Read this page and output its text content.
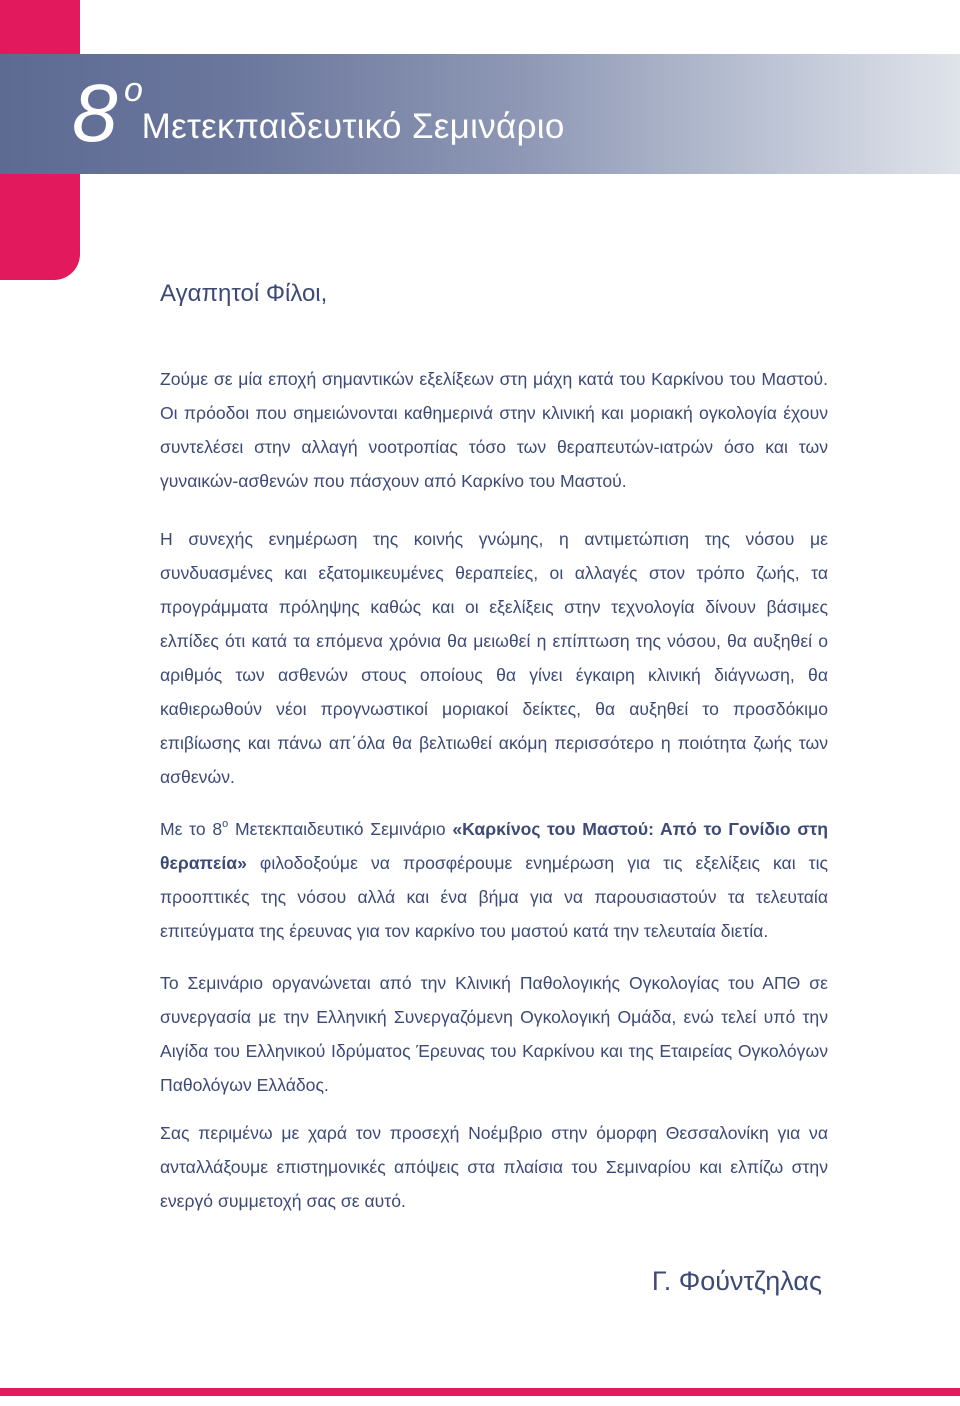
8 o
Μετεκπαιδευτικό Σεμινάριο
Αγαπητοί Φίλοι,

Ζούμε σε μία εποχή σημαντικών εξελίξεων στη μάχη κατά του Καρκίνου του Μαστού. Οι πρόοδοι που σημειώνονται καθημερινά στην κλινική και μοριακή ογκολογία έχουν συντελέσει στην αλλαγή νοοτροπίας τόσο των θεραπευτών-ιατρών όσο και των γυναικών-ασθενών που πάσχουν από Καρκίνο του Μαστού.

Η συνεχής ενημέρωση της κοινής γνώμης, η αντιμετώπιση της νόσου με συνδυασμένες και εξατομικευμένες θεραπείες, οι αλλαγές στον τρόπο ζωής, τα προγράμματα πρόληψης καθώς και οι εξελίξεις στην τεχνολογία δίνουν βάσιμες ελπίδες ότι κατά τα επόμενα χρόνια θα μειωθεί η επίπτωση της νόσου, θα αυξηθεί ο αριθμός των ασθενών στους οποίους θα γίνει έγκαιρη κλινική διάγνωση, θα καθιερωθούν νέοι προγνωστικοί μοριακοί δείκτες, θα αυξηθεί το προσδόκιμο επιβίωσης και πάνω απ΄όλα θα βελτιωθεί ακόμη περισσότερο η ποιότητα ζωής των ασθενών.

Με το $8^o$ Μετεκπαιδευτικό Σεμινάριο «Καρκίνος του Μαστού: Από το Γονίδιο στη θεραπεία» φιλοδοξούμε να προσφέρουμε ενημέρωση για τις εξελίξεις και τις προοπτικές της νόσου αλλά και ένα βήμα για να παρουσιαστούν τα τελευταία επιτεύγματα της έρευνας για τον καρκίνο του μαστού κατά την τελευταία διετία.

Το Σεμινάριο οργανώνεται από την Κλινική Παθολογικής Ογκολογίας του ΑΠΘ σε συνεργασία με την Ελληνική Συνεργαζόμενη Ογκολογική Ομάδα, ενώ τελεί υπό την Αιγίδα του Ελληνικού Ιδρύματος Έρευνας του Καρκίνου και της Εταιρείας Ογκολόγων Παθολόγων Ελλάδος.

Σας περιμένω με χαρά τον προσεχή Νοέμβριο στην όμορφη Θεσσαλονίκη για να ανταλλάξουμε επιστημονικές απόψεις στα πλαίσια του Σεμιναρίου και ελπίζω στην ενεργό συμμετοχή σας σε αυτό.

Γ. Φούντζηλας
